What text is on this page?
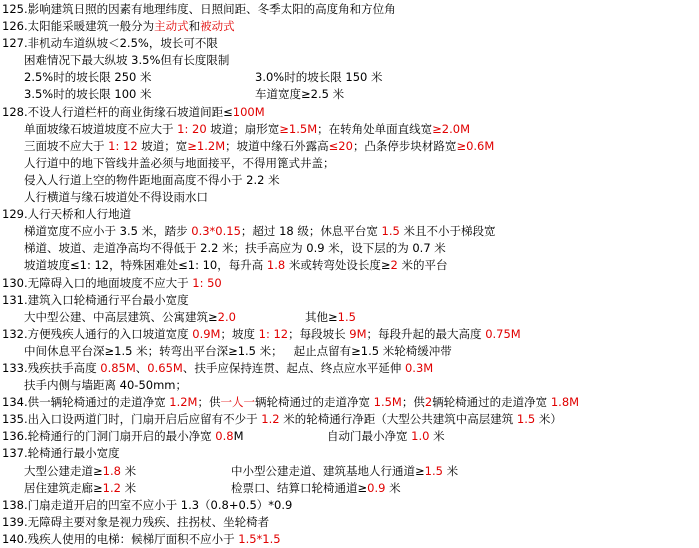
125.影响建筑日照的因素有地理纬度、日照间距、冬季太阳的高度角和方位角
126.太阳能采暖建筑一般分为主动式和被动式
127.非机动车道纵坡＜2.5%，坡长可不限
困难情况下最大纵坡 3.5%但有长度限制
2.5%时的坡长限 250 米	3.0%时的坡长限 150 米
3.5%时的坡长限 100 米	车道宽度≥2.5 米
128.不设人行道栏杆的商业街缘石坡道间距≤100M
单面坡缘石坡道坡度不应大于 1: 20 坡道；扇形宽≥1.5M；在转角处单面直线宽≥2.0M
三面坡不应大于 1: 12 坡道；宽≥1.2M；坡道中缘石外露高≤20；凸条停步块材路宽≥0.6M
人行道中的地下管线井盖必须与地面接平，不得用篦式井盖；
侵入人行道上空的物件距地面高度不得小于 2.2 米
人行横道与缘石坡道处不得设雨水口
129.人行天桥和人行地道
梯道宽度不应小于 3.5 米，踏步 0.3*0.15；超过 18 级；休息平台宽 1.5 米且不小于梯段宽
梯道、坡道、走道净高均不得低于 2.2 米；扶手高应为 0.9 米，设下层的为 0.7 米
坡道坡度≤1: 12，特殊困难处≤1: 10，每升高 1.8 米或转弯处设长度≥2 米的平台
130.无障碍入口的地面坡度不应大于 1: 50
131.建筑入口轮椅通行平台最小宽度
大中型公建、中高层建筑、公寓建筑≥2.0	其他≥1.5
132.方便残疾人通行的入口坡道宽度 0.9M；坡度 1: 12；每段坡长 9M；每段升起的最大高度 0.75M
中间休息平台深≥1.5 米；转弯出平台深≥1.5 米；   起止点留有≥1.5 米轮椅缓冲带
133.残疾扶手高度 0.85M、0.65M、扶手应保持连贯、起点、终点应水平延伸 0.3M
扶手内侧与墙距离 40-50mm；
134.供一辆轮椅通过的走道净宽 1.2M；供一人一辆轮椅通过的走道净宽 1.5M；供2辆轮椅通过的走道净宽 1.8M
135.出入口设两道门时，门扇开启后应留有不少于 1.2 米的轮椅通行净距（大型公共建筑中高层建筑 1.5 米）
136.轮椅通行的门洞门扇开启的最小净宽 0.8M	自动门最小净宽 1.0 米
137.轮椅通行最小宽度
大型公建走道≥1.8 米	中小型公建走道、建筑基地人行通道≥1.5 米
居住建筑走廊≥1.2 米	检票口、结算口轮椅通道≥0.9 米
138.门扇走道开启的凹室不应小于 1.3（0.8+0.5）*0.9
139.无障碍主要对象是视力残疾、拄拐杖、坐轮椅者
140.残疾人使用的电梯：候梯厅面积不应小于 1.5*1.5
